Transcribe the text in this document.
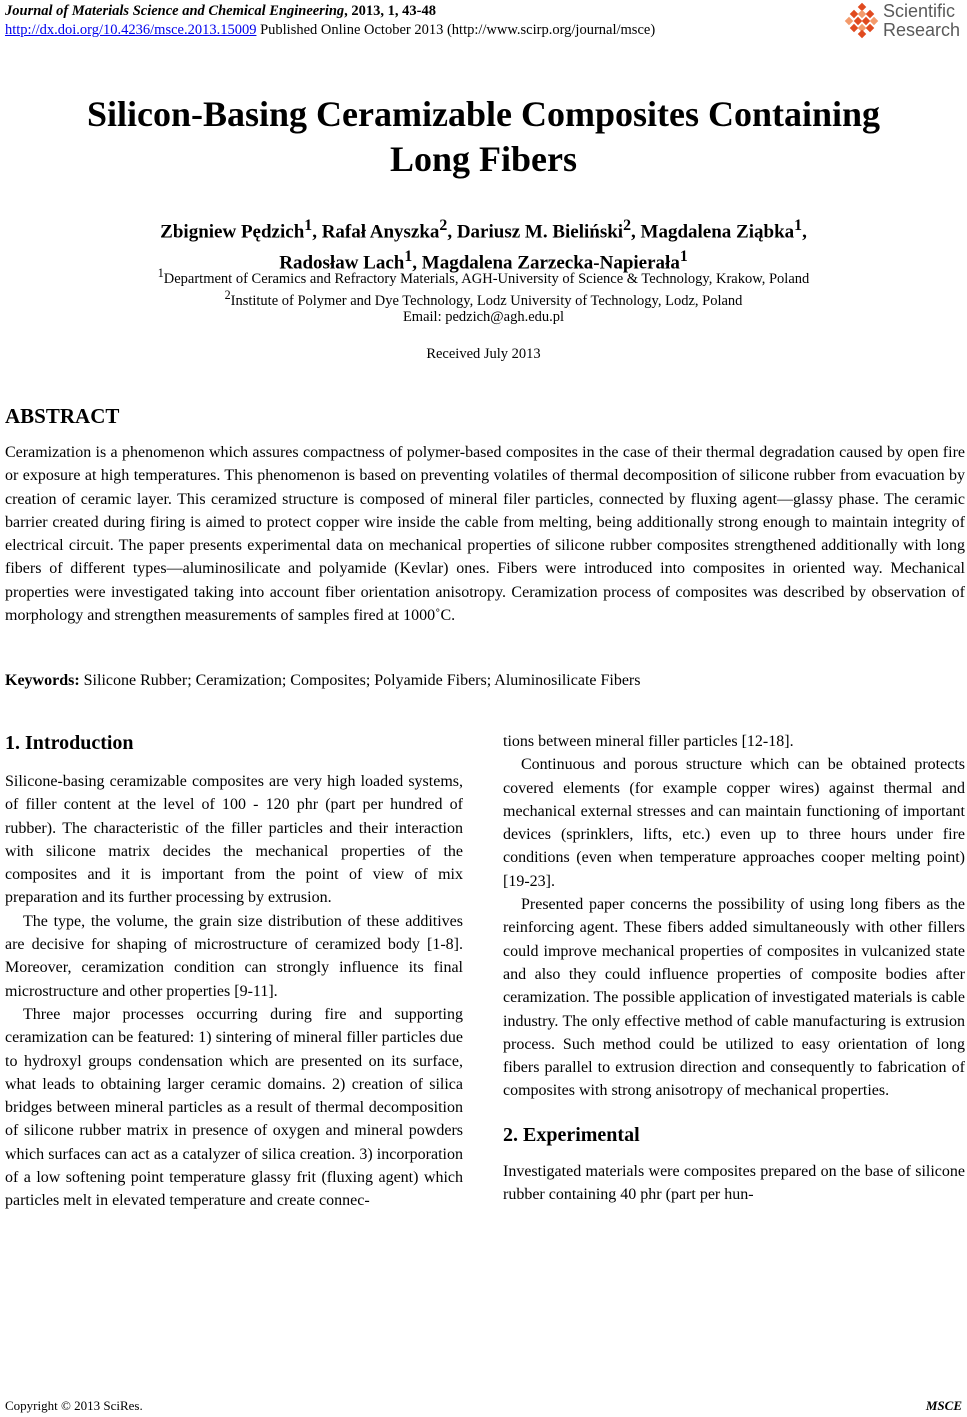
Journal of Materials Science and Chemical Engineering, 2013, 1, 43-48
http://dx.doi.org/10.4236/msce.2013.15009 Published Online October 2013 (http://www.scirp.org/journal/msce)
Scientific
Research
Silicon-Basing Ceramizable Composites Containing
Long Fibers
Zbigniew Pędzich$^1$, Rafał Anyszka$^2$, Dariusz M. Bieliński$^2$, Magdalena Ziąbka$^1$,
Radosław Lach$^1$, Magdalena Zarzecka-Napierała$^1$
$^1$Department of Ceramics and Refractory Materials, AGH-University of Science & Technology, Krakow, Poland
$^2$Institute of Polymer and Dye Technology, Lodz University of Technology, Lodz, Poland
Email: pedzich@agh.edu.pl
Received July 2013
ABSTRACT
Ceramization is a phenomenon which assures compactness of polymer-based composites in the case of their thermal degradation caused by open fire or exposure at high temperatures. This phenomenon is based on preventing volatiles of thermal decomposition of silicone rubber from evacuation by creation of ceramic layer. This ceramized structure is composed of mineral filer particles, connected by fluxing agent—glassy phase. The ceramic barrier created during firing is aimed to protect copper wire inside the cable from melting, being additionally strong enough to maintain integrity of electrical circuit. The paper presents experimental data on mechanical properties of silicone rubber composites strengthened additionally with long fibers of different types—aluminosilicate and polyamide (Kevlar) ones. Fibers were introduced into composites in oriented way. Mechanical properties were investigated taking into account fiber orientation anisotropy. Ceramization process of composites was described by observation of morphology and strengthen measurements of samples fired at 1000˚C.
Keywords: Silicone Rubber; Ceramization; Composites; Polyamide Fibers; Aluminosilicate Fibers
1. Introduction

Silicone-basing ceramizable composites are very high loaded systems, of filler content at the level of 100 - 120 phr (part per hundred of rubber). The characteristic of the filler particles and their interaction with silicone matrix decides the mechanical properties of the composites and it is important from the point of view of mix preparation and its further processing by extrusion.

The type, the volume, the grain size distribution of these additives are decisive for shaping of microstructure of ceramized body [1-8]. Moreover, ceramization condition can strongly influence its final microstructure and other properties [9-11].

Three major processes occurring during fire and supporting ceramization can be featured: 1) sintering of mineral filler particles due to hydroxyl groups condensation which are presented on its surface, what leads to obtaining larger ceramic domains. 2) creation of silica bridges between mineral particles as a result of thermal decomposition of silicone rubber matrix in presence of oxygen and mineral powders which surfaces can act as a catalyzer of silica creation. 3) incorporation of a low softening point temperature glassy frit (fluxing agent) which particles melt in elevated temperature and create connec-

tions between mineral filler particles [12-18].

Continuous and porous structure which can be obtained protects covered elements (for example copper wires) against thermal and mechanical external stresses and can maintain functioning of important devices (sprinklers, lifts, etc.) even up to three hours under fire conditions (even when temperature approaches cooper melting point) [19-23].

Presented paper concerns the possibility of using long fibers as the reinforcing agent. These fibers added simultaneously with other fillers could improve mechanical properties of composites in vulcanized state and also they could influence properties of composite bodies after ceramization. The possible application of investigated materials is cable industry. The only effective method of cable manufacturing is extrusion process. Such method could be utilized to easy orientation of long fibers parallel to extrusion direction and consequently to fabrication of composites with strong anisotropy of mechanical properties.

2. Experimental

Investigated materials were composites prepared on the base of silicone rubber containing 40 phr (part per hun-

Copyright © 2013 SciRes.	MSCE
